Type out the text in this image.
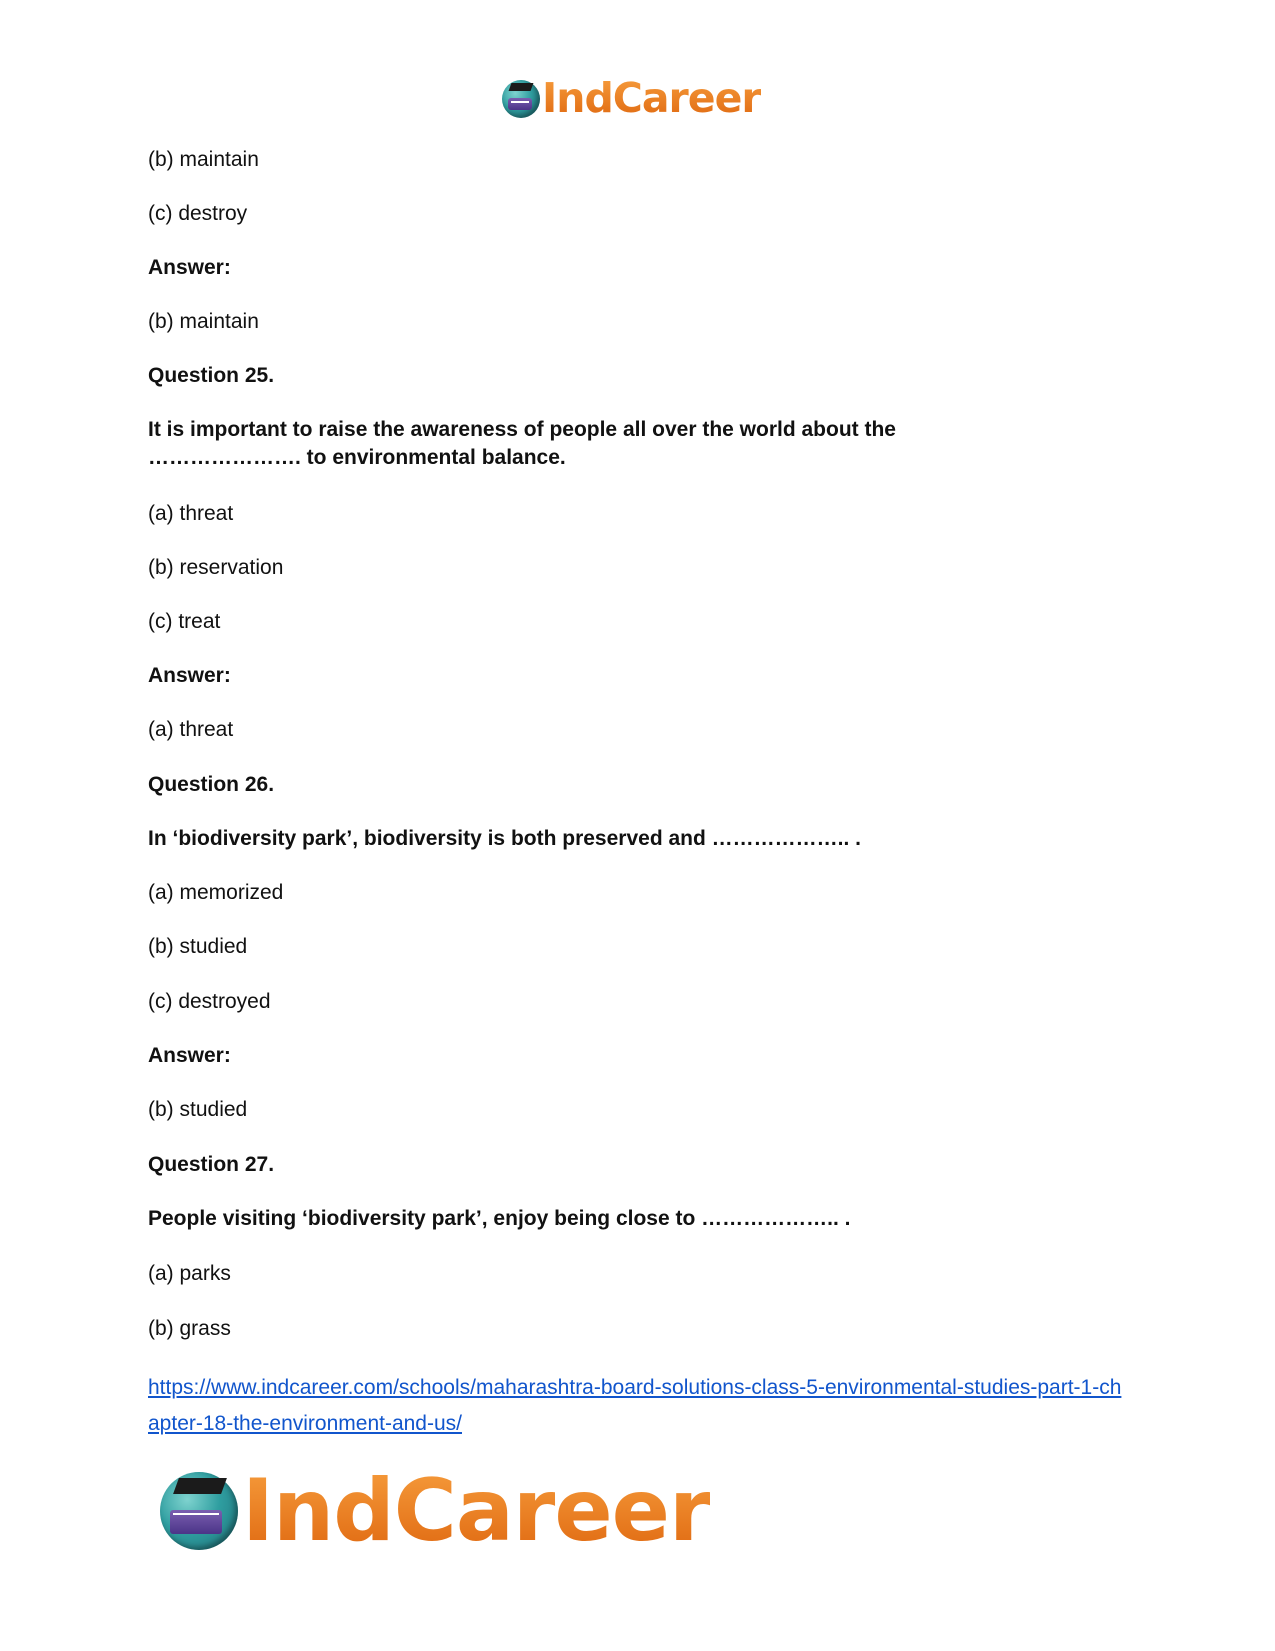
IndCareer
(b) maintain
(c) destroy
Answer:
(b) maintain
Question 25.
It is important to raise the awareness of people all over the world about the …………………. to environmental balance.
(a) threat
(b) reservation
(c) treat
Answer:
(a) threat
Question 26.
In ‘biodiversity park’, biodiversity is both preserved and ……………….. .
(a) memorized
(b) studied
(c) destroyed
Answer:
(b) studied
Question 27.
People visiting ‘biodiversity park’, enjoy being close to ……………….. .
(a) parks
(b) grass
https://www.indcareer.com/schools/maharashtra-board-solutions-class-5-environmental-studies-part-1-chapter-18-the-environment-and-us/
IndCareer
